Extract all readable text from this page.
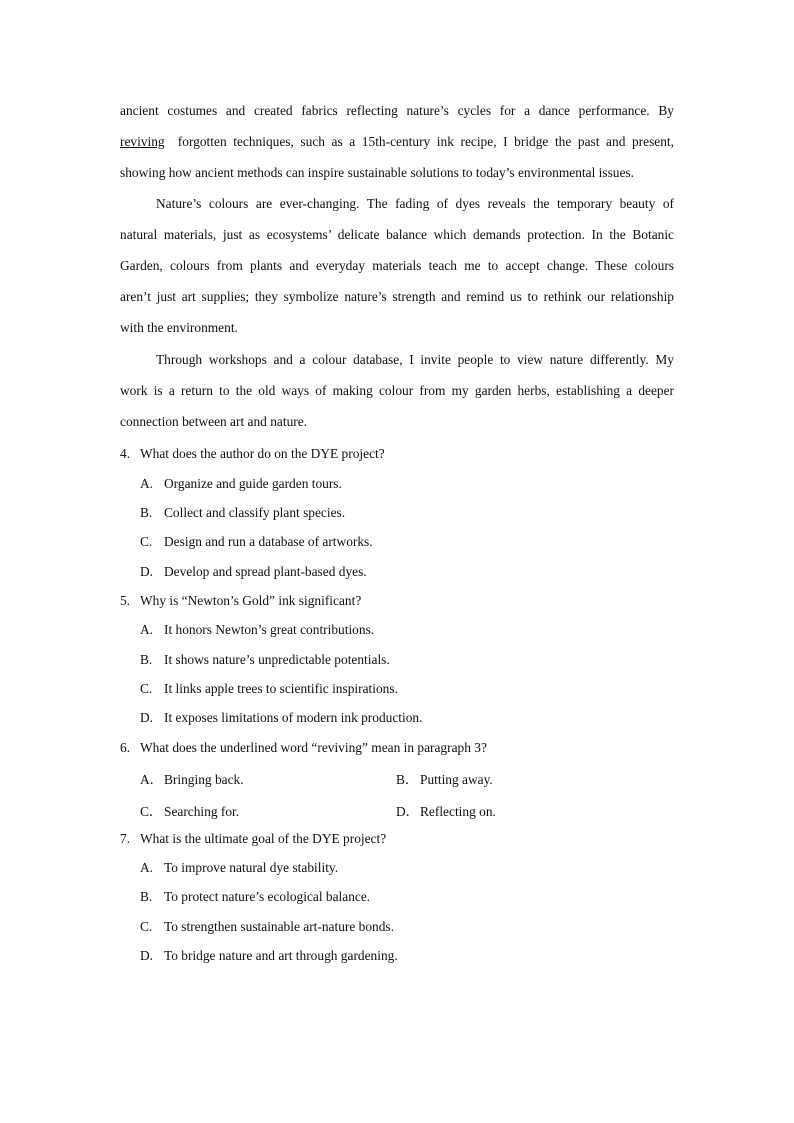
ancient costumes and created fabrics reflecting nature’s cycles for a dance performance. By
reviving forgotten techniques, such as a 15th-century ink recipe, I bridge the past and present,
showing how ancient methods can inspire sustainable solutions to today’s environmental issues.
Nature’s colours are ever-changing. The fading of dyes reveals the temporary beauty of
natural materials, just as ecosystems’ delicate balance which demands protection. In the Botanic
Garden, colours from plants and everyday materials teach me to accept change. These colours
aren’t just art supplies; they symbolize nature’s strength and remind us to rethink our relationship
with the environment.
Through workshops and a colour database, I invite people to view nature differently. My
work is a return to the old ways of making colour from my garden herbs, establishing a deeper
connection between art and nature.
4. What does the author do on the DYE project?
A. Organize and guide garden tours.
B. Collect and classify plant species.
C. Design and run a database of artworks.
D. Develop and spread plant-based dyes.
5. Why is “Newton’s Gold” ink significant?
A. It honors Newton’s great contributions.
B. It shows nature’s unpredictable potentials.
C. It links apple trees to scientific inspirations.
D. It exposes limitations of modern ink production.
6. What does the underlined word “reviving” mean in paragraph 3?
A．Bringing back.	B． Putting away.
C． Searching for.	D．Reflecting on.
7. What is the ultimate goal of the DYE project?
A. To improve natural dye stability.
B. To protect nature’s ecological balance.
C. To strengthen sustainable art-nature bonds.
D. To bridge nature and art through gardening.
